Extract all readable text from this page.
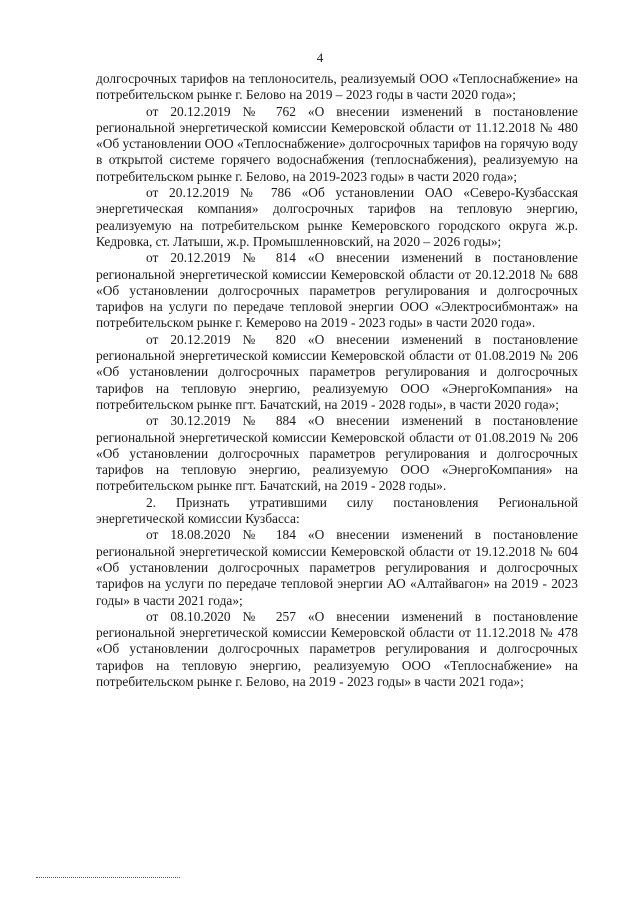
4

долгосрочных тарифов на теплоноситель, реализуемый ООО «Теплоснабжение» на потребительском рынке г. Белово на 2019 – 2023 годы в части 2020 года»;

от 20.12.2019 № 762 «О внесении изменений в постановление региональной энергетической комиссии Кемеровской области от 11.12.2018 № 480 «Об установлении ООО «Теплоснабжение» долгосрочных тарифов на горячую воду в открытой системе горячего водоснабжения (теплоснабжения), реализуемую на потребительском рынке г. Белово, на 2019-2023 годы» в части 2020 года»;

от 20.12.2019 № 786 «Об установлении ОАО «Северо-Кузбасская энергетическая компания» долгосрочных тарифов на тепловую энергию, реализуемую на потребительском рынке Кемеровского городского округа ж.р. Кедровка, ст. Латыши, ж.р. Промышленновский, на 2020 – 2026 годы»;

от 20.12.2019 № 814 «О внесении изменений в постановление региональной энергетической комиссии Кемеровской области от 20.12.2018 № 688 «Об установлении долгосрочных параметров регулирования и долгосрочных тарифов на услуги по передаче тепловой энергии ООО «Электросибмонтаж» на потребительском рынке г. Кемерово на 2019 - 2023 годы» в части 2020 года».

от 20.12.2019 № 820 «О внесении изменений в постановление региональной энергетической комиссии Кемеровской области от 01.08.2019 № 206 «Об установлении долгосрочных параметров регулирования и долгосрочных тарифов на тепловую энергию, реализуемую ООО «ЭнергоКомпания» на потребительском рынке пгт. Бачатский, на 2019 - 2028 годы», в части 2020 года»;

от 30.12.2019 № 884 «О внесении изменений в постановление региональной энергетической комиссии Кемеровской области от 01.08.2019 № 206 «Об установлении долгосрочных параметров регулирования и долгосрочных тарифов на тепловую энергию, реализуемую ООО «ЭнергоКомпания» на потребительском рынке пгт. Бачатский, на 2019 - 2028 годы».

2. Признать утратившими силу постановления Региональной энергетической комиссии Кузбасса:

от 18.08.2020 № 184 «О внесении изменений в постановление региональной энергетической комиссии Кемеровской области от 19.12.2018 № 604 «Об установлении долгосрочных параметров регулирования и долгосрочных тарифов на услуги по передаче тепловой энергии АО «Алтайвагон» на 2019 - 2023 годы» в части 2021 года»;

от 08.10.2020 № 257 «О внесении изменений в постановление региональной энергетической комиссии Кемеровской области от 11.12.2018 № 478 «Об установлении долгосрочных параметров регулирования и долгосрочных тарифов на тепловую энергию, реализуемую ООО «Теплоснабжение» на потребительском рынке г. Белово, на 2019 - 2023 годы» в части 2021 года»;
